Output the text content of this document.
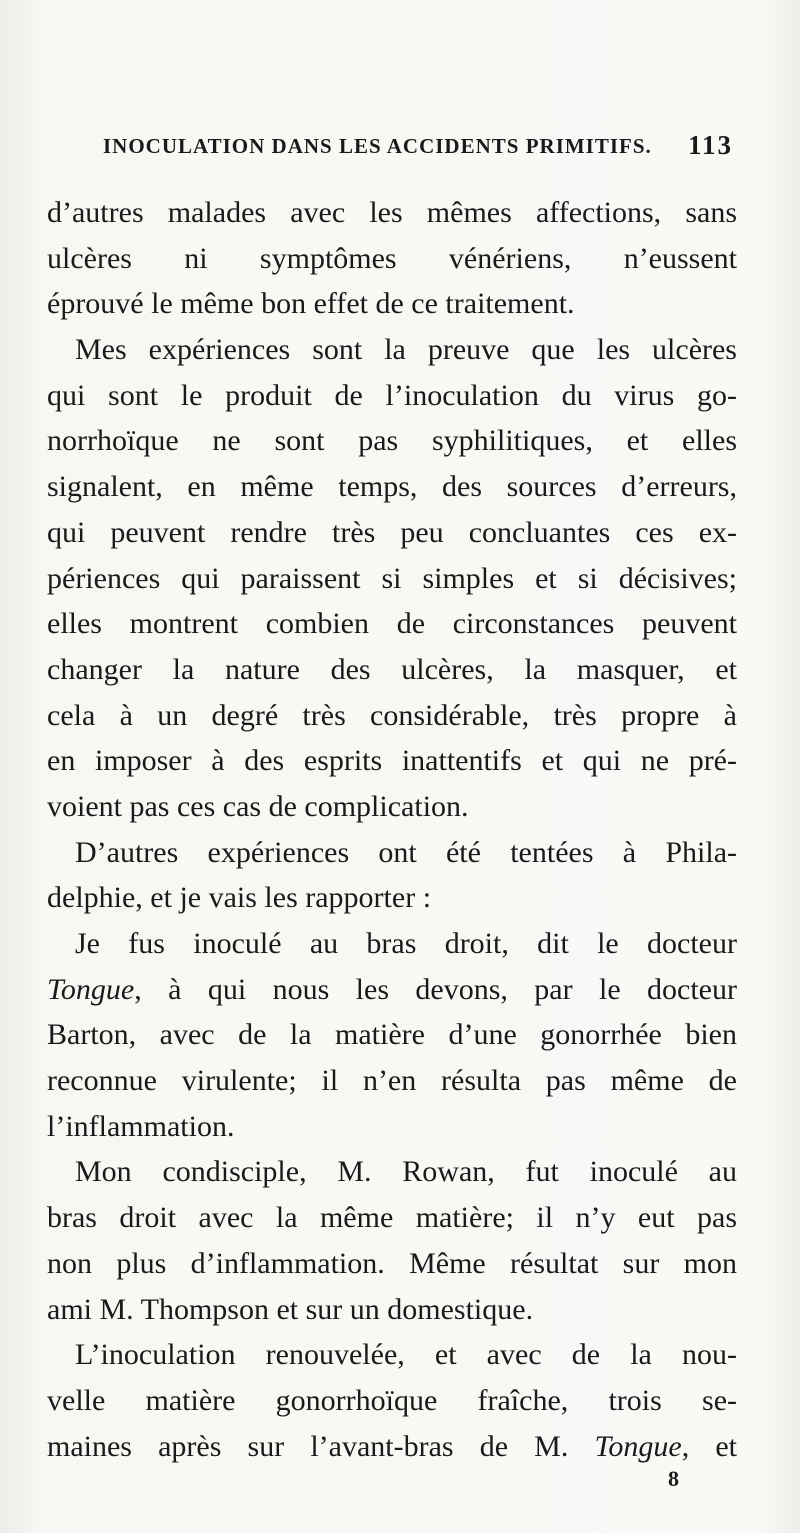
INOCULATION DANS LES ACCIDENTS PRIMITIFS. 113
d’autres malades avec les mêmes affections, sans
ulcères ni symptômes vénériens, n’eussent
éprouvé le même bon effet de ce traitement.
Mes expériences sont la preuve que les ulcères
qui sont le produit de l’inoculation du virus go-
norrhoïque ne sont pas syphilitiques, et elles
signalent, en même temps, des sources d’erreurs,
qui peuvent rendre très peu concluantes ces ex-
périences qui paraissent si simples et si décisives;
elles montrent combien de circonstances peuvent
changer la nature des ulcères, la masquer, et
cela à un degré très considérable, très propre à
en imposer à des esprits inattentifs et qui ne pré-
voient pas ces cas de complication.
D’autres expériences ont été tentées à Phila-
delphie, et je vais les rapporter :
Je fus inoculé au bras droit, dit le docteur
Tongue, à qui nous les devons, par le docteur
Barton, avec de la matière d’une gonorrhée bien
reconnue virulente; il n’en résulta pas même de
l’inflammation.
Mon condisciple, M. Rowan, fut inoculé au
bras droit avec la même matière; il n’y eut pas
non plus d’inflammation. Même résultat sur mon
ami M. Thompson et sur un domestique.
L’inoculation renouvelée, et avec de la nou-
velle matière gonorrhoïque fraîche, trois se-
maines après sur l’avant-bras de M. Tongue, et
8
